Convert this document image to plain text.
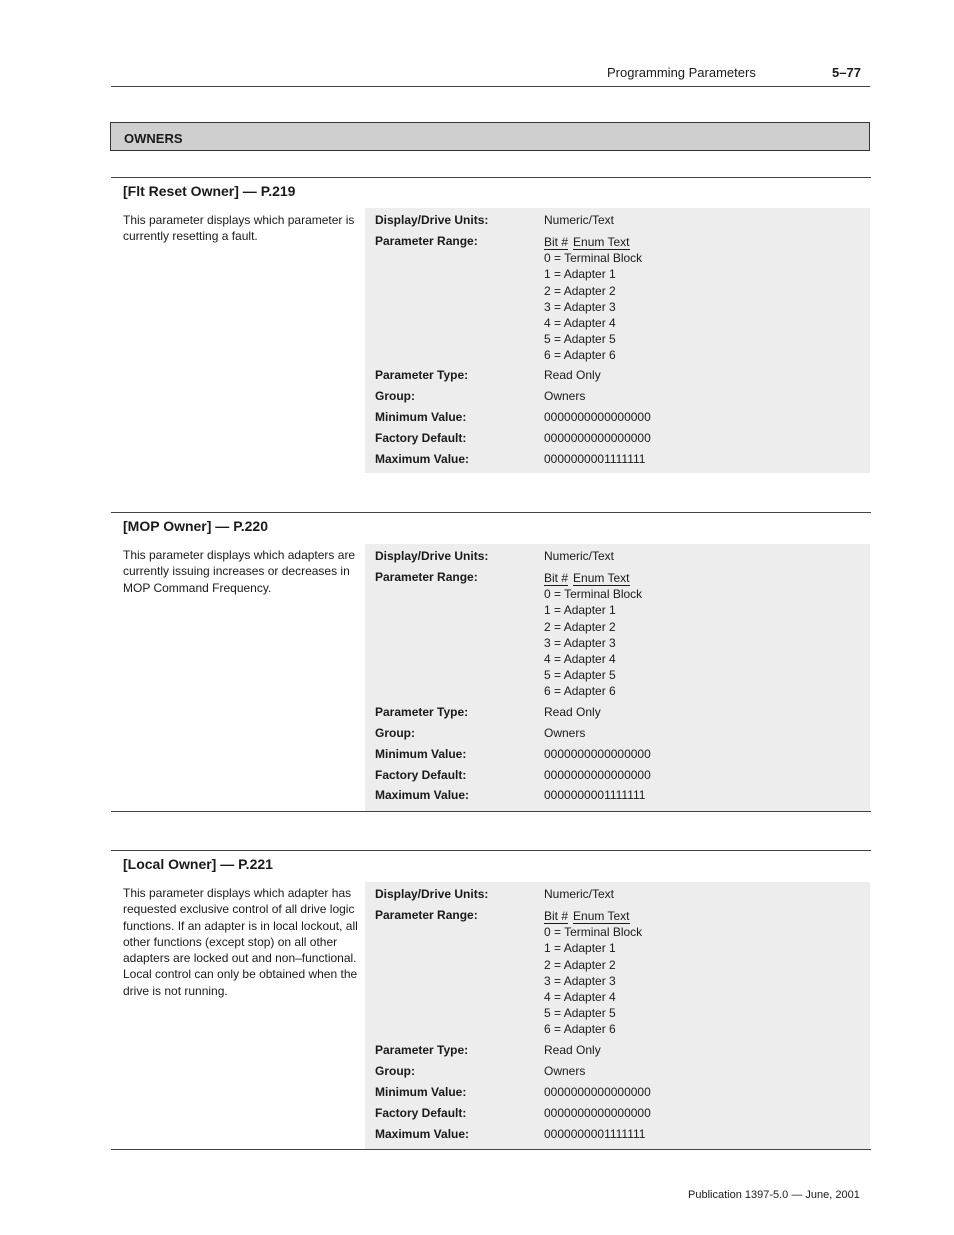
Programming Parameters	5–77
OWNERS
[Flt Reset Owner] — P.219
This parameter displays which parameter is currently resetting a fault.
Display/Drive Units:	Numeric/Text
Parameter Range:	Bit # Enum Text
0 = Terminal Block
1 = Adapter 1
2 = Adapter 2
3 = Adapter 3
4 = Adapter 4
5 = Adapter 5
6 = Adapter 6
Parameter Type:	Read Only
Group:	Owners
Minimum Value:	0000000000000000
Factory Default:	0000000000000000
Maximum Value:	0000000001111111
[MOP Owner] — P.220
This parameter displays which adapters are currently issuing increases or decreases in MOP Command Frequency.
Display/Drive Units:	Numeric/Text
Parameter Range:	Bit # Enum Text
0 = Terminal Block
1 = Adapter 1
2 = Adapter 2
3 = Adapter 3
4 = Adapter 4
5 = Adapter 5
6 = Adapter 6
Parameter Type:	Read Only
Group:	Owners
Minimum Value:	0000000000000000
Factory Default:	0000000000000000
Maximum Value:	0000000001111111
[Local Owner] — P.221
This parameter displays which adapter has requested exclusive control of all drive logic functions. If an adapter is in local lockout, all other functions (except stop) on all other adapters are locked out and non–functional. Local control can only be obtained when the drive is not running.
Display/Drive Units:	Numeric/Text
Parameter Range:	Bit # Enum Text
0 = Terminal Block
1 = Adapter 1
2 = Adapter 2
3 = Adapter 3
4 = Adapter 4
5 = Adapter 5
6 = Adapter 6
Parameter Type:	Read Only
Group:	Owners
Minimum Value:	0000000000000000
Factory Default:	0000000000000000
Maximum Value:	0000000001111111
Publication 1397-5.0 — June, 2001
